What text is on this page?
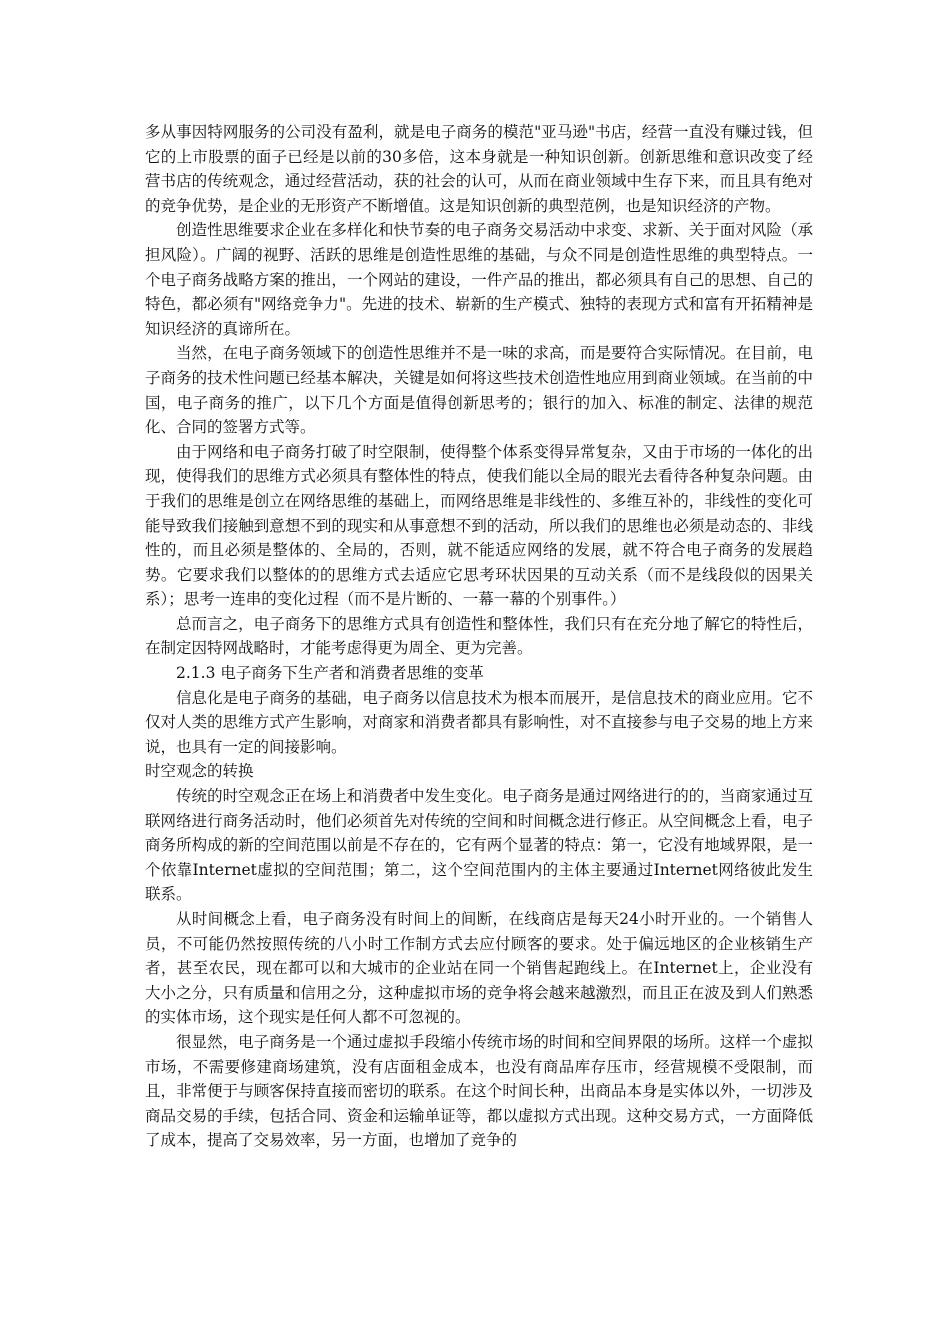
多从事因特网服务的公司没有盈利，就是电子商务的模范"亚马逊"书店，经营一直没有赚过钱，但它的上市股票的面子已经是以前的30多倍，这本身就是一种知识创新。创新思维和意识改变了经营书店的传统观念，通过经营活动，获的社会的认可，从而在商业领域中生存下来，而且具有绝对的竞争优势，是企业的无形资产不断增值。这是知识创新的典型范例，也是知识经济的产物。

创造性思维要求企业在多样化和快节奏的电子商务交易活动中求变、求新、关于面对风险（承担风险）。广阔的视野、活跃的思维是创造性思维的基础，与众不同是创造性思维的典型特点。一个电子商务战略方案的推出，一个网站的建设，一件产品的推出，都必须具有自己的思想、自己的特色，都必须有"网络竞争力"。先进的技术、崭新的生产模式、独特的表现方式和富有开拓精神是知识经济的真谛所在。

当然，在电子商务领域下的创造性思维并不是一味的求高，而是要符合实际情况。在目前，电子商务的技术性问题已经基本解决，关键是如何将这些技术创造性地应用到商业领域。在当前的中国，电子商务的推广，以下几个方面是值得创新思考的；银行的加入、标准的制定、法律的规范化、合同的签署方式等。

由于网络和电子商务打破了时空限制，使得整个体系变得异常复杂，又由于市场的一体化的出现，使得我们的思维方式必须具有整体性的特点，使我们能以全局的眼光去看待各种复杂问题。由于我们的思维是创立在网络思维的基础上，而网络思维是非线性的、多维互补的，非线性的变化可能导致我们接触到意想不到的现实和从事意想不到的活动，所以我们的思维也必须是动态的、非线性的，而且必须是整体的、全局的，否则，就不能适应网络的发展，就不符合电子商务的发展趋势。它要求我们以整体的的思维方式去适应它思考环状因果的互动关系（而不是线段似的因果关系）；思考一连串的变化过程（而不是片断的、一幕一幕的个别事件。）

总而言之，电子商务下的思维方式具有创造性和整体性，我们只有在充分地了解它的特性后，在制定因特网战略时，才能考虑得更为周全、更为完善。

2.1.3 电子商务下生产者和消费者思维的变革

信息化是电子商务的基础，电子商务以信息技术为根本而展开，是信息技术的商业应用。它不仅对人类的思维方式产生影响，对商家和消费者都具有影响性，对不直接参与电子交易的地上方来说，也具有一定的间接影响。

时空观念的转换

传统的时空观念正在场上和消费者中发生变化。电子商务是通过网络进行的的，当商家通过互联网络进行商务活动时，他们必须首先对传统的空间和时间概念进行修正。从空间概念上看，电子商务所构成的新的空间范围以前是不存在的，它有两个显著的特点：第一，它没有地域界限，是一个依靠Internet虚拟的空间范围；第二，这个空间范围内的主体主要通过Internet网络彼此发生联系。

从时间概念上看，电子商务没有时间上的间断，在线商店是每天24小时开业的。一个销售人员，不可能仍然按照传统的八小时工作制方式去应付顾客的要求。处于偏远地区的企业核销生产者，甚至农民，现在都可以和大城市的企业站在同一个销售起跑线上。在Internet上，企业没有大小之分，只有质量和信用之分，这种虚拟市场的竞争将会越来越激烈，而且正在波及到人们熟悉的实体市场，这个现实是任何人都不可忽视的。

很显然，电子商务是一个通过虚拟手段缩小传统市场的时间和空间界限的场所。这样一个虚拟市场，不需要修建商场建筑，没有店面租金成本，也没有商品库存压市，经营规模不受限制，而且，非常便于与顾客保持直接而密切的联系。在这个时间长种，出商品本身是实体以外，一切涉及商品交易的手续，包括合同、资金和运输单证等，都以虚拟方式出现。这种交易方式，一方面降低了成本，提高了交易效率，另一方面，也增加了竞争的
